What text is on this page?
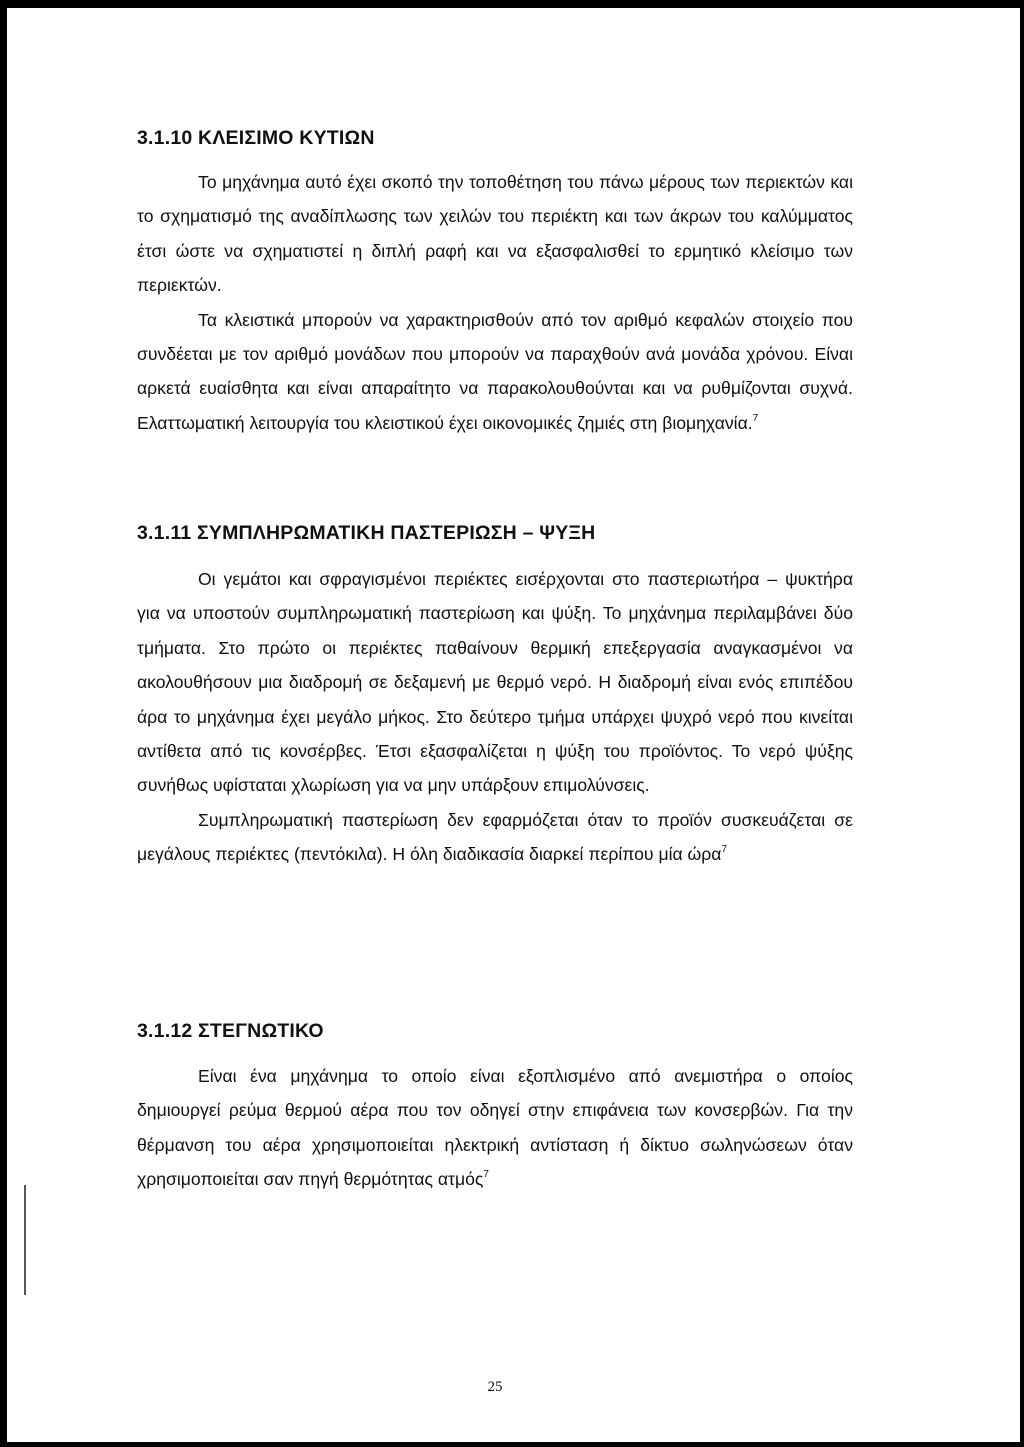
3.1.10 ΚΛΕΙΣΙΜΟ ΚΥΤΙΩΝ

Το μηχάνημα αυτό έχει σκοπό την τοποθέτηση του πάνω μέρους των περιεκτών και το σχηματισμό της αναδίπλωσης των χειλών του περιέκτη και των άκρων του καλύμματος έτσι ώστε να σχηματιστεί η διπλή ραφή και να εξασφαλισθεί το ερμητικό κλείσιμο των περιεκτών.

Τα κλειστικά μπορούν να χαρακτηρισθούν από τον αριθμό κεφαλών στοιχείο που συνδέεται με τον αριθμό μονάδων που μπορούν να παραχθούν ανά μονάδα χρόνου. Είναι αρκετά ευαίσθητα και είναι απαραίτητο να παρακολουθούνται και να ρυθμίζονται συχνά. Ελαττωματική λειτουργία του κλειστικού έχει οικονομικές ζημιές στη βιομηχανία.$^7$

3.1.11 ΣΥΜΠΛΗΡΩΜΑΤΙΚΗ ΠΑΣΤΕΡΙΩΣΗ – ΨΥΞΗ

Οι γεμάτοι και σφραγισμένοι περιέκτες εισέρχονται στο παστεριωτήρα – ψυκτήρα για να υποστούν συμπληρωματική παστερίωση και ψύξη. Το μηχάνημα περιλαμβάνει δύο τμήματα. Στο πρώτο οι περιέκτες παθαίνουν θερμική επεξεργασία αναγκασμένοι να ακολουθήσουν μια διαδρομή σε δεξαμενή με θερμό νερό. Η διαδρομή είναι ενός επιπέδου άρα το μηχάνημα έχει μεγάλο μήκος. Στο δεύτερο τμήμα υπάρχει ψυχρό νερό που κινείται αντίθετα από τις κονσέρβες. Έτσι εξασφαλίζεται η ψύξη του προϊόντος. Το νερό ψύξης συνήθως υφίσταται χλωρίωση για να μην υπάρξουν επιμολύνσεις.

Συμπληρωματική παστερίωση δεν εφαρμόζεται όταν το προϊόν συσκευάζεται σε μεγάλους περιέκτες (πεντόκιλα). Η όλη διαδικασία διαρκεί περίπου μία ώρα$^7$

3.1.12 ΣΤΕΓΝΩΤΙΚΟ

Είναι ένα μηχάνημα το οποίο είναι εξοπλισμένο από ανεμιστήρα ο οποίος δημιουργεί ρεύμα θερμού αέρα που τον οδηγεί στην επιφάνεια των κονσερβών. Για την θέρμανση του αέρα χρησιμοποιείται ηλεκτρική αντίσταση ή δίκτυο σωληνώσεων όταν χρησιμοποιείται σαν πηγή θερμότητας ατμός$^7$

25
